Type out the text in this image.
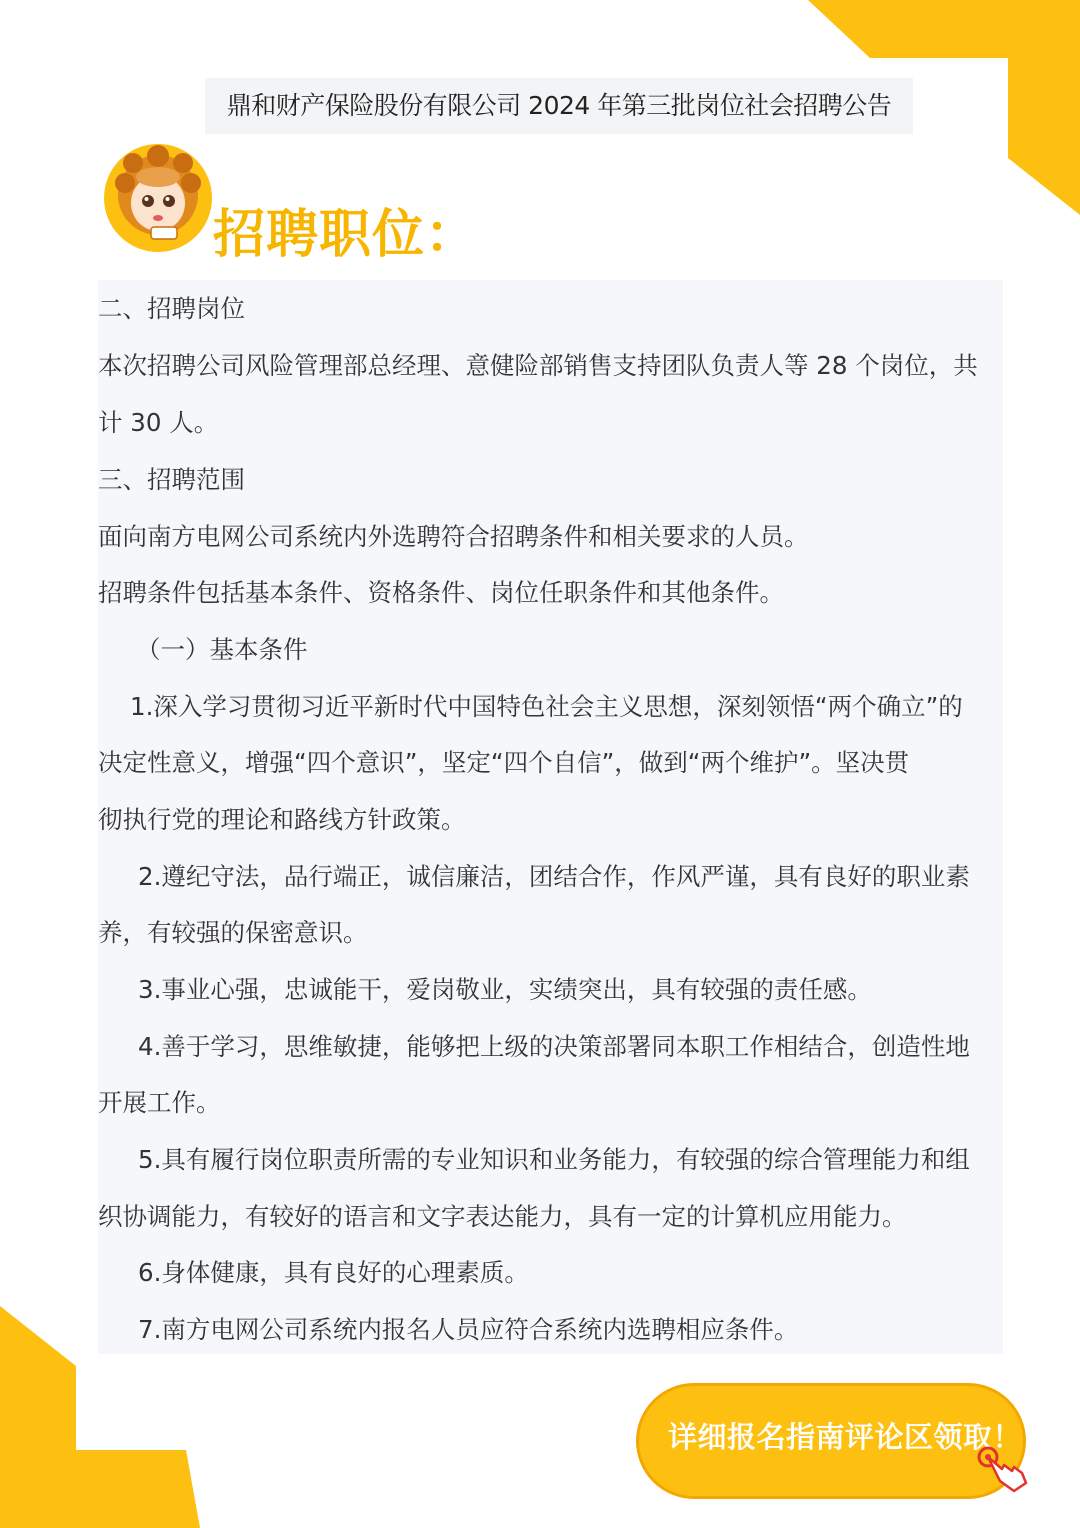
鼎和财产保险股份有限公司 2024 年第三批岗位社会招聘公告
招聘职位：
二、招聘岗位
本次招聘公司风险管理部总经理、意健险部销售支持团队负责人等 28 个岗位，共
计 30 人。
三、招聘范围
面向南方电网公司系统内外选聘符合招聘条件和相关要求的人员。
招聘条件包括基本条件、资格条件、岗位任职条件和其他条件。
（一）基本条件
1.深入学习贯彻习近平新时代中国特色社会主义思想，深刻领悟“两个确立”的
决定性意义，增强“四个意识”，坚定“四个自信”，做到“两个维护”。坚决贯
彻执行党的理论和路线方针政策。
2.遵纪守法，品行端正，诚信廉洁，团结合作，作风严谨，具有良好的职业素
养，有较强的保密意识。
3.事业心强，忠诚能干，爱岗敬业，实绩突出，具有较强的责任感。
4.善于学习，思维敏捷，能够把上级的决策部署同本职工作相结合，创造性地
开展工作。
5.具有履行岗位职责所需的专业知识和业务能力，有较强的综合管理能力和组
织协调能力，有较好的语言和文字表达能力，具有一定的计算机应用能力。
6.身体健康，具有良好的心理素质。
7.南方电网公司系统内报名人员应符合系统内选聘相应条件。
详细报名指南评论区领取！
